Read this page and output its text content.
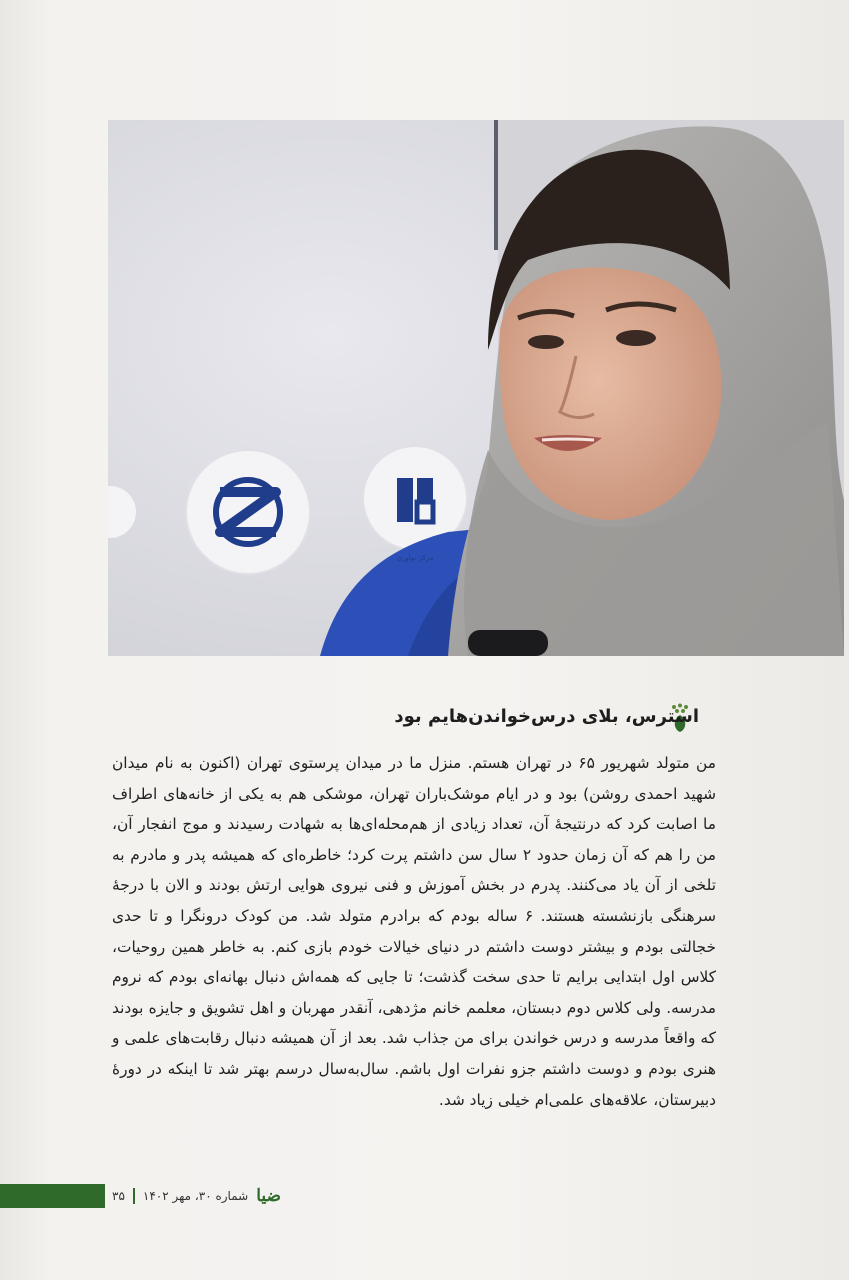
مرکز نوآوری
استرس، بلای درس‌خواندن‌هایم بود

من متولد شهریور ۶۵ در تهران هستم. منزل ما در میدان پرستوی تهران (اکنون به نام میدان شهید احمدی روشن) بود و در ایام موشک‌باران تهران، موشکی هم به یکی از خانه‌های اطراف ما اصابت کرد که درنتیجهٔ آن، تعداد زیادی از هم‌محله‌ای‌ها به شهادت رسیدند و موج انفجار آن، من را هم که آن زمان حدود ۲ سال سن داشتم پرت کرد؛ خاطره‌ای که همیشه پدر و مادرم به تلخی از آن یاد می‌کنند. پدرم در بخش آموزش و فنی نیروی هوایی ارتش بودند و الان با درجهٔ سرهنگی بازنشسته هستند. ۶ ساله بودم که برادرم متولد شد. من کودک درونگرا و تا حدی خجالتی بودم و بیشتر دوست داشتم در دنیای خیالات خودم بازی کنم. به خاطر همین روحیات، کلاس اول ابتدایی برایم تا حدی سخت گذشت؛ تا جایی که همه‌اش دنبال بهانه‌ای بودم که نروم مدرسه. ولی کلاس دوم دبستان، معلمم خانم مژدهی، آنقدر مهربان و اهل تشویق و جایزه بودند که واقعاً مدرسه و درس خواندن برای من جذاب شد. بعد از آن همیشه دنبال رقابت‌های علمی و هنری بودم و دوست داشتم جزو نفرات اول باشم. سال‌به‌سال درسم بهتر شد تا اینکه در دورهٔ دبیرستان، علاقه‌های علمی‌ام خیلی زیاد شد.

۳۵ شماره ۳۰، مهر ۱۴۰۲ ضیا
